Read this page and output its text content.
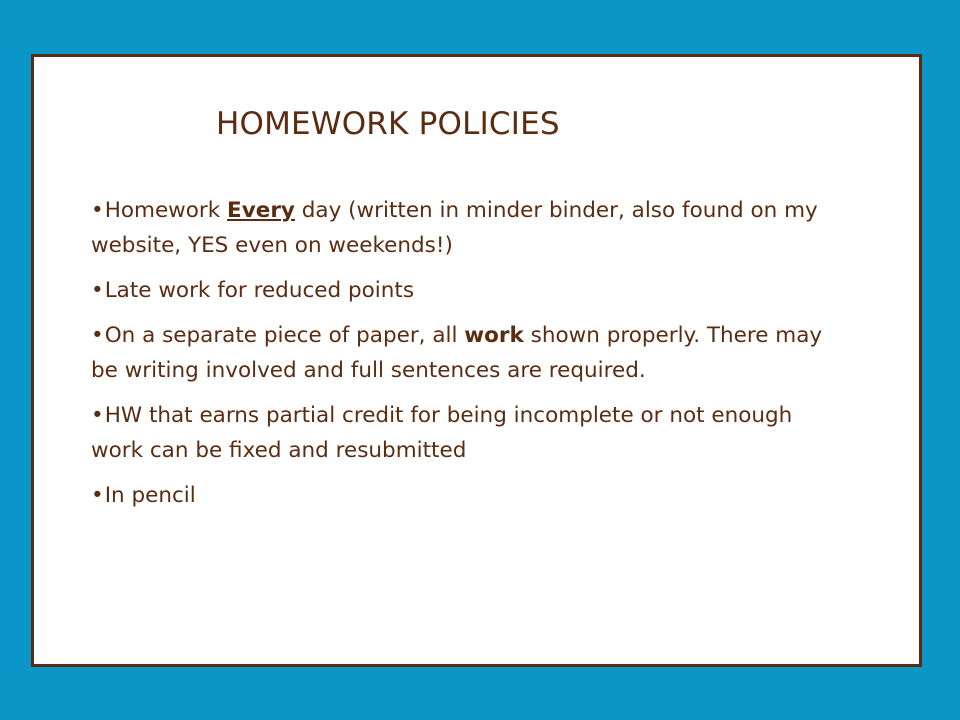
HOMEWORK POLICIES
•Homework Every day (written in minder binder, also found on my website, YES even on weekends!)
•Late work for reduced points
•On a separate piece of paper, all work shown properly. There may be writing involved and full sentences are required.
•HW that earns partial credit for being incomplete or not enough work can be fixed and resubmitted
•In pencil
